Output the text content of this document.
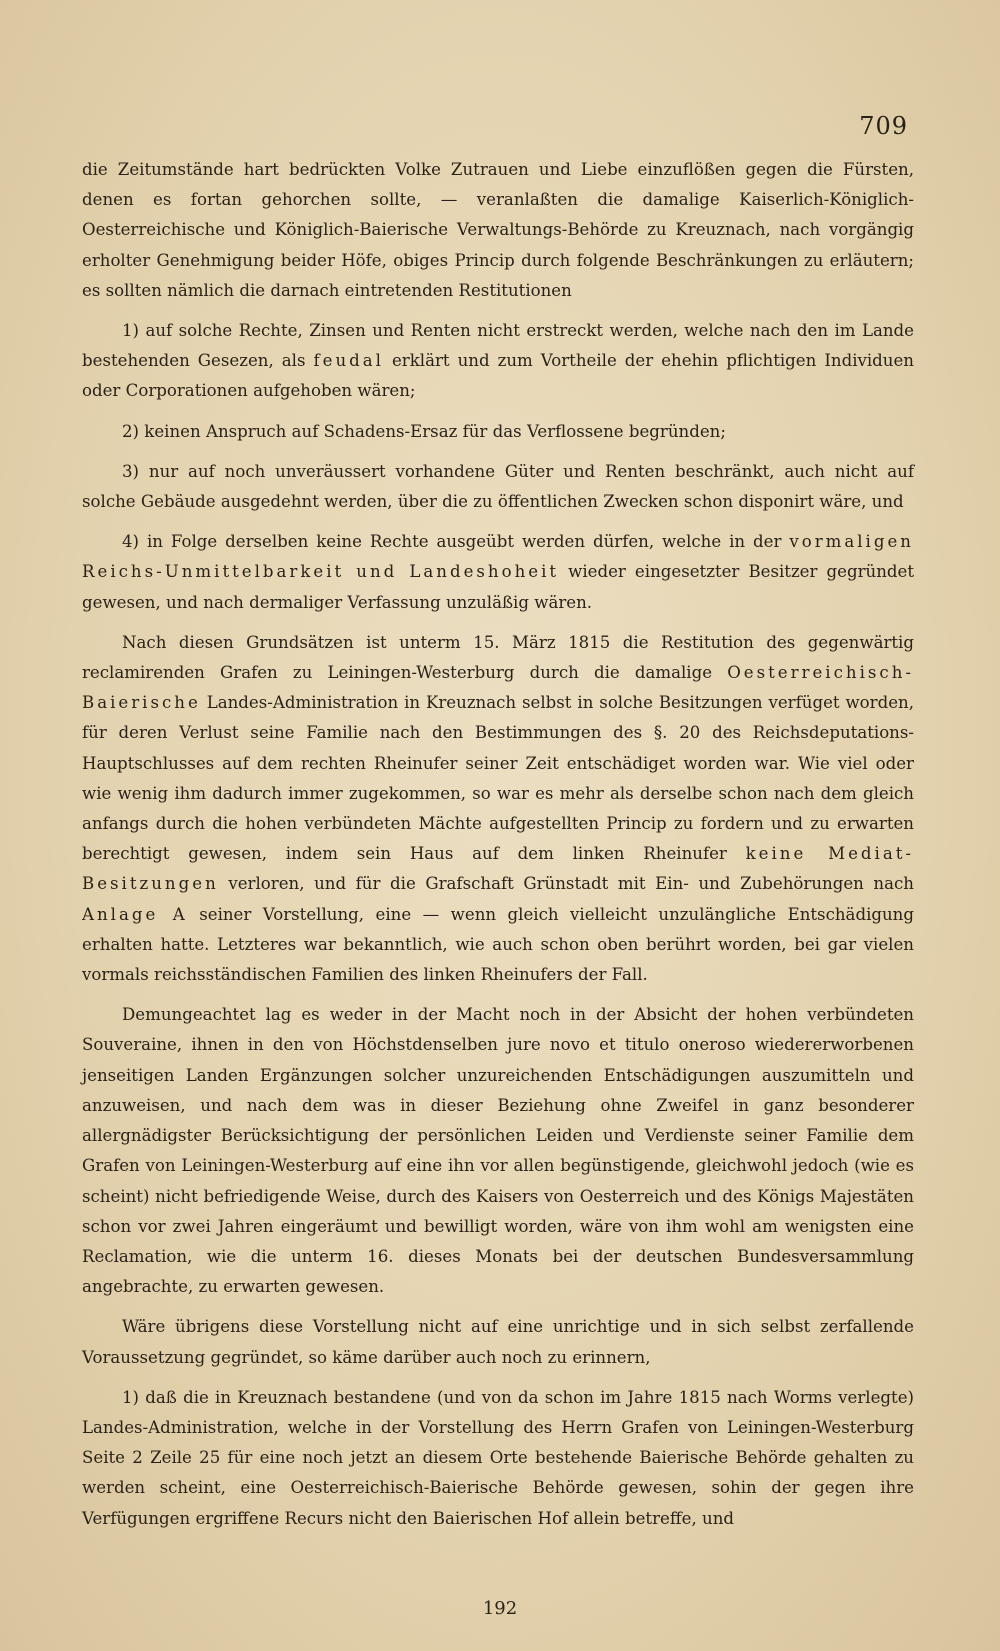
709

die Zeitumstände hart bedrückten Volke Zutrauen und Liebe einzuflößen gegen die Fürsten, denen es fortan gehorchen sollte, — veranlaßten die damalige Kaiserlich-Königlich-Oesterreichische und Königlich-Baierische Verwaltungs-Behörde zu Kreuznach, nach vorgängig erholter Genehmigung beider Höfe, obiges Princip durch folgende Beschränkungen zu erläutern; es sollten nämlich die darnach eintretenden Restitutionen

1) auf solche Rechte, Zinsen und Renten nicht erstreckt werden, welche nach den im Lande bestehenden Gesezen, als feudal erklärt und zum Vortheile der ehehin pflichtigen Individuen oder Corporationen aufgehoben wären;

2) keinen Anspruch auf Schadens-Ersaz für das Verflossene begründen;

3) nur auf noch unveräussert vorhandene Güter und Renten beschränkt, auch nicht auf solche Gebäude ausgedehnt werden, über die zu öffentlichen Zwecken schon disponirt wäre, und

4) in Folge derselben keine Rechte ausgeübt werden dürfen, welche in der vormaligen Reichs-Unmittelbarkeit und Landeshoheit wieder eingesetzter Besitzer gegründet gewesen, und nach dermaliger Verfassung unzuläßig wären.

Nach diesen Grundsätzen ist unterm 15. März 1815 die Restitution des gegenwärtig reclamirenden Grafen zu Leiningen-Westerburg durch die damalige Oesterreichisch-Baierische Landes-Administration in Kreuznach selbst in solche Besitzungen verfüget worden, für deren Verlust seine Familie nach den Bestimmungen des §. 20 des Reichsdeputations-Hauptschlusses auf dem rechten Rheinufer seiner Zeit entschädiget worden war. Wie viel oder wie wenig ihm dadurch immer zugekommen, so war es mehr als derselbe schon nach dem gleich anfangs durch die hohen verbündeten Mächte aufgestellten Princip zu fordern und zu erwarten berechtigt gewesen, indem sein Haus auf dem linken Rheinufer keine Mediat-Besitzungen verloren, und für die Grafschaft Grünstadt mit Ein- und Zubehörungen nach Anlage A seiner Vorstellung, eine — wenn gleich vielleicht unzulängliche Entschädigung erhalten hatte. Letzteres war bekanntlich, wie auch schon oben berührt worden, bei gar vielen vormals reichsständischen Familien des linken Rheinufers der Fall.

Demungeachtet lag es weder in der Macht noch in der Absicht der hohen verbündeten Souveraine, ihnen in den von Höchstdenselben jure novo et titulo oneroso wiedererworbenen jenseitigen Landen Ergänzungen solcher unzureichenden Entschädigungen auszumitteln und anzuweisen, und nach dem was in dieser Beziehung ohne Zweifel in ganz besonderer allergnädigster Berücksichtigung der persönlichen Leiden und Verdienste seiner Familie dem Grafen von Leiningen-Westerburg auf eine ihn vor allen begünstigende, gleichwohl jedoch (wie es scheint) nicht befriedigende Weise, durch des Kaisers von Oesterreich und des Königs Majestäten schon vor zwei Jahren eingeräumt und bewilligt worden, wäre von ihm wohl am wenigsten eine Reclamation, wie die unterm 16. dieses Monats bei der deutschen Bundesversammlung angebrachte, zu erwarten gewesen.

Wäre übrigens diese Vorstellung nicht auf eine unrichtige und in sich selbst zerfallende Voraussetzung gegründet, so käme darüber auch noch zu erinnern,

1) daß die in Kreuznach bestandene (und von da schon im Jahre 1815 nach Worms verlegte) Landes-Administration, welche in der Vorstellung des Herrn Grafen von Leiningen-Westerburg Seite 2 Zeile 25 für eine noch jetzt an diesem Orte bestehende Baierische Behörde gehalten zu werden scheint, eine Oesterreichisch-Baierische Behörde gewesen, sohin der gegen ihre Verfügungen ergriffene Recurs nicht den Baierischen Hof allein betreffe, und

192
